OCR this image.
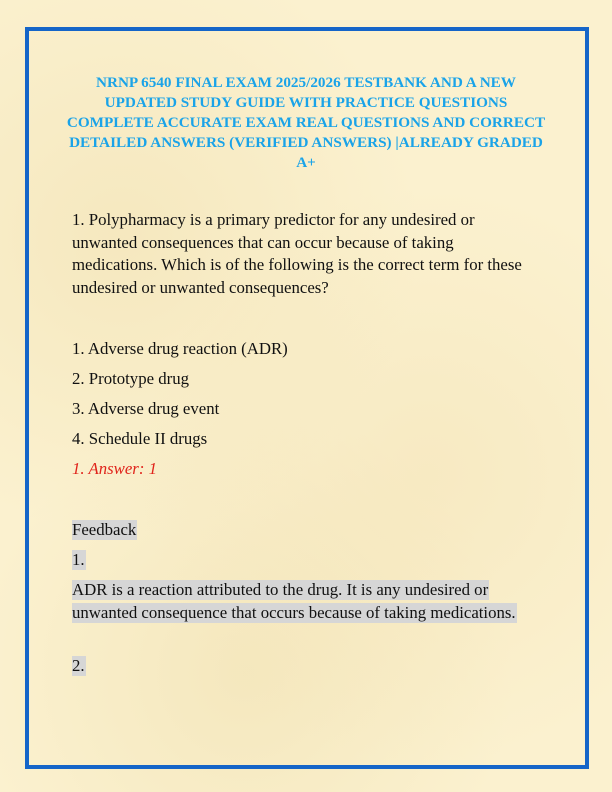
NRNP 6540 FINAL EXAM 2025/2026 TESTBANK AND A NEW UPDATED STUDY GUIDE WITH PRACTICE QUESTIONS COMPLETE ACCURATE EXAM REAL QUESTIONS AND CORRECT DETAILED ANSWERS (VERIFIED ANSWERS) |ALREADY GRADED A+

1. Polypharmacy is a primary predictor for any undesired or unwanted consequences that can occur because of taking medications. Which is of the following is the correct term for these undesired or unwanted consequences?

1. Adverse drug reaction (ADR)
2. Prototype drug
3. Adverse drug event
4. Schedule II drugs

1. Answer: 1

Feedback

1.

ADR is a reaction attributed to the drug. It is any undesired or unwanted consequence that occurs because of taking medications.

2.
